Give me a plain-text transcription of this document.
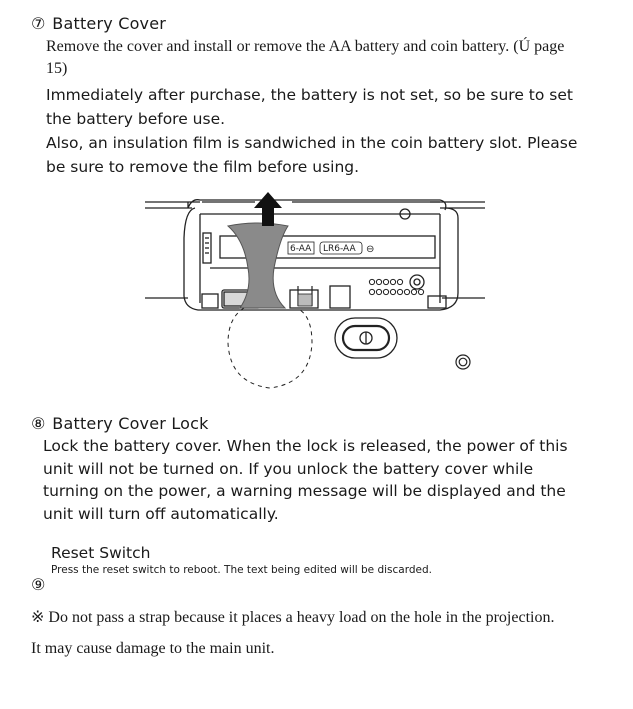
⑦ Battery Cover
Remove the cover and install or remove the AA battery and coin battery. (Ú page
15)
Immediately after purchase, the battery is not set, so be sure to set
the battery before use.
Also, an insulation film is sandwiched in the coin battery slot. Please
be sure to remove the film before using.
6-AA LR6-AA ⊖
⑧ Battery Cover Lock
Lock the battery cover. When the lock is released, the power of this
unit will not be turned on. If you unlock the battery cover while
turning on the power, a warning message will be displayed and the
unit will turn off automatically.
Reset Switch
Press the reset switch to reboot. The text being edited will be discarded.
⑨
※ Do not pass a strap because it places a heavy load on the hole in the projection.
It may cause damage to the main unit.
